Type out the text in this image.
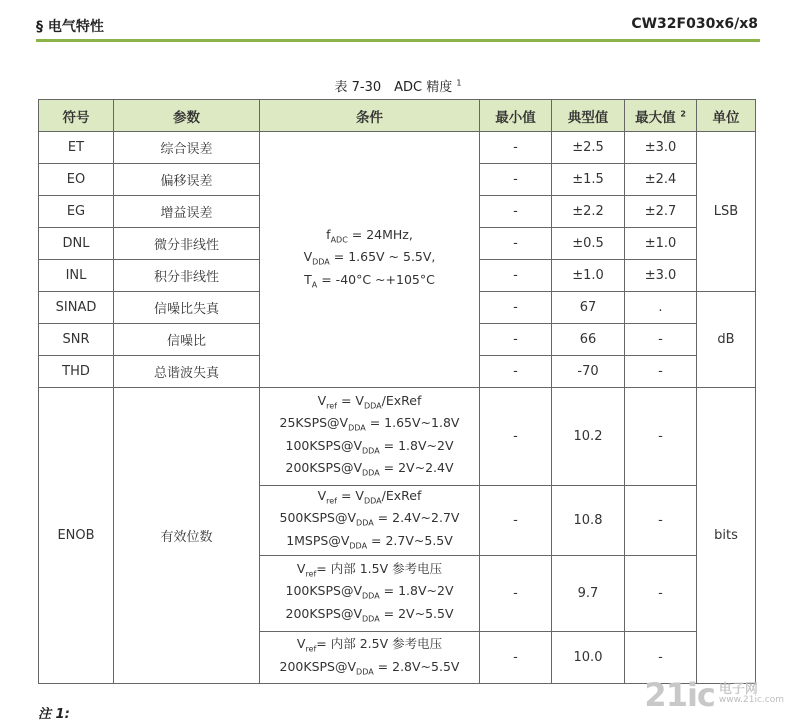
§ 电气特性	CW32F030x6/x8
表 7-30　ADC 精度 $^1$
符号	参数	条件	最小值	典型值	最大值 $^2$	单位
ET	综合误差	$f_{ADC} = 24MHz$,
$V_{DDA} = 1.65V$ ~ 5.5V,
$T_A = -40^\circ C$ ~+105°C	-	±2.5	±3.0	LSB
EO	偏移误差		-	±1.5	±2.4	
EG	增益误差		-	±2.2	±2.7	
DNL	微分非线性		-	±0.5	±1.0	
INL	积分非线性		-	±1.0	±3.0	
SINAD	信噪比失真		-	67	.	dB
SNR	信噪比		-	66	-	
THD	总谐波失真		-	-70	-	
ENOB	有效位数	$V_{ref}$ = $V_{DDA}$/ExRef
$25KSPS@V_{DDA}$ = 1.65V~1.8V
$100KSPS@V_{DDA}$ = 1.8V~2V
$200KSPS@V_{DDA}$ = 2V~2.4V	-	10.2	-	bits

		$V_{ref}$ = $V_{DDA}$/ExRef
$500KSPS@V_{DDA}$ = 2.4V~2.7V
$1MSPS@V_{DDA}$ = 2.7V~5.5V	-	10.8	-	

		$V_{ref}=$ 内部 1.5V 参考电压
$100KSPS@V_{DDA}$ = 1.8V~2V
$200KSPS@V_{DDA}$ = 2V~5.5V	-	9.7	-	

		$V_{ref}=$ 内部 2.5V 参考电压
$200KSPS@V_{DDA}$ = 2.8V~5.5V	-	10.0	-	
注 1:
21ic 电子网
www.21ic.com
